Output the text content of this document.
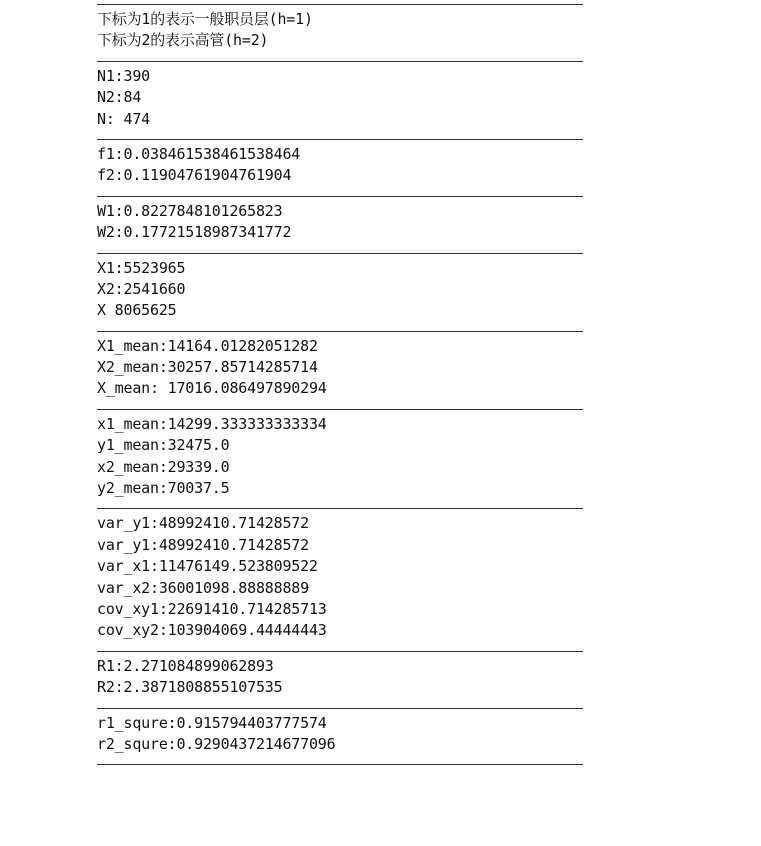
下标为1的表示一般职员层(h=1)
下标为2的表示高管(h=2)
N1:390
N2:84
N: 474
f1:0.038461538461538464
f2:0.11904761904761904
W1:0.8227848101265823
W2:0.17721518987341772
X1:5523965
X2:2541660
X 8065625
X1_mean:14164.01282051282
X2_mean:30257.85714285714
X_mean: 17016.086497890294
x1_mean:14299.333333333334
y1_mean:32475.0
x2_mean:29339.0
y2_mean:70037.5
var_y1:48992410.71428572
var_y1:48992410.71428572
var_x1:11476149.523809522
var_x2:36001098.88888889
cov_xy1:22691410.714285713
cov_xy2:103904069.44444443
R1:2.271084899062893
R2:2.3871808855107535
r1_squre:0.915794403777574
r2_squre:0.9290437214677096
